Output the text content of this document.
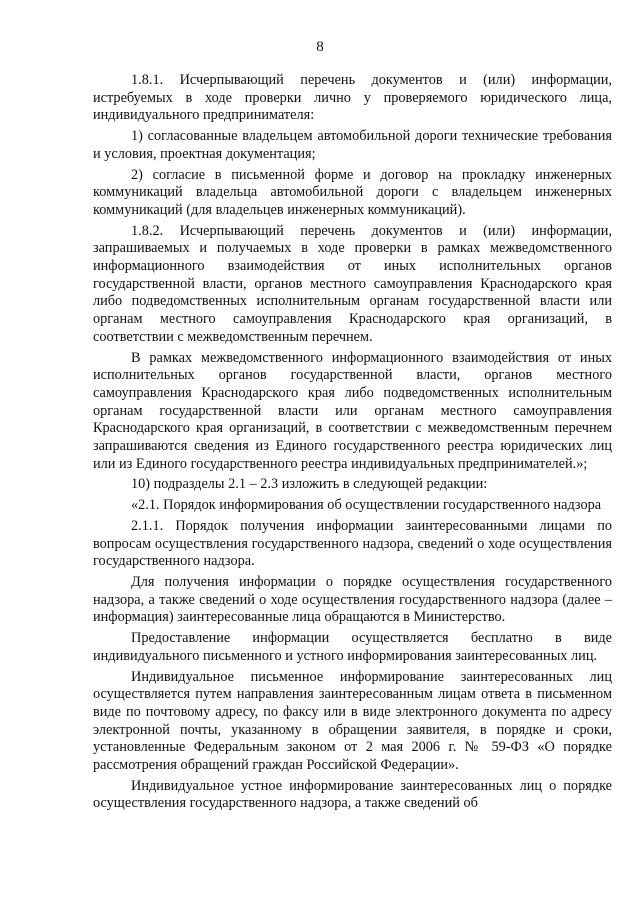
8

1.8.1. Исчерпывающий перечень документов и (или) информации, истребуемых в ходе проверки лично у проверяемого юридического лица, индивидуального предпринимателя:

1) согласованные владельцем автомобильной дороги технические требования и условия, проектная документация;

2) согласие в письменной форме и договор на прокладку инженерных коммуникаций владельца автомобильной дороги с владельцем инженерных коммуникаций (для владельцев инженерных коммуникаций).

1.8.2. Исчерпывающий перечень документов и (или) информации, запрашиваемых и получаемых в ходе проверки в рамках межведомственного информационного взаимодействия от иных исполнительных органов государственной власти, органов местного самоуправления Краснодарского края либо подведомственных исполнительным органам государственной власти или органам местного самоуправления Краснодарского края организаций, в соответствии с межведомственным перечнем.

В рамках межведомственного информационного взаимодействия от иных исполнительных органов государственной власти, органов местного самоуправления Краснодарского края либо подведомственных исполнительным органам государственной власти или органам местного самоуправления Краснодарского края организаций, в соответствии с межведомственным перечнем запрашиваются сведения из Единого государственного реестра юридических лиц или из Единого государственного реестра индивидуальных предпринимателей.»;

10) подразделы 2.1 – 2.3 изложить в следующей редакции:

«2.1. Порядок информирования об осуществлении государственного надзора

2.1.1. Порядок получения информации заинтересованными лицами по вопросам осуществления государственного надзора, сведений о ходе осуществления государственного надзора.

Для получения информации о порядке осуществления государственного надзора, а также сведений о ходе осуществления государственного надзора (далее – информация) заинтересованные лица обращаются в Министерство.

Предоставление информации осуществляется бесплатно в виде индивидуального письменного и устного информирования заинтересованных лиц.

Индивидуальное письменное информирование заинтересованных лиц осуществляется путем направления заинтересованным лицам ответа в письменном виде по почтовому адресу, по факсу или в виде электронного документа по адресу электронной почты, указанному в обращении заявителя, в порядке и сроки, установленные Федеральным законом от 2 мая 2006 г. № 59-ФЗ «О порядке рассмотрения обращений граждан Российской Федерации».

Индивидуальное устное информирование заинтересованных лиц о порядке осуществления государственного надзора, а также сведений об
